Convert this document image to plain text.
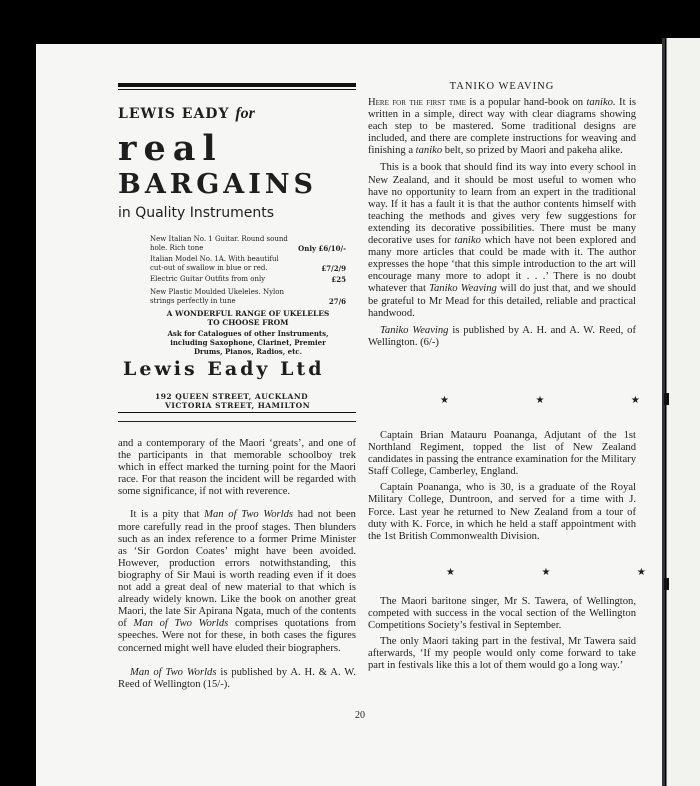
LEWIS EADY for
real
BARGAINS
in Quality Instruments
New Italian No. 1 Guitar. Round sound
hole. Rich tone	Only £6/10/-
Italian Model No. 1A. With beautiful
cut-out of swallow in blue or red.	£7/2/9
Electric Guitar Outfits from only	£25
New Plastic Moulded Ukeleles. Nylon
strings perfectly in tune	27/6
A WONDERFUL RANGE OF UKELELES
TO CHOOSE FROM
Ask for Catalogues of other Instruments,
including Saxophone, Clarinet, Premier
Drums, Pianos, Radios, etc.
Lewis Eady Ltd
192 QUEEN STREET, AUCKLAND
VICTORIA STREET, HAMILTON
TANIKO WEAVING

Here for the first time is a popular hand-book on taniko. It is written in a simple, direct way with clear diagrams showing each step to be mastered. Some traditional designs are included, and there are complete instructions for weaving and finishing a taniko belt, so prized by Maori and pakeha alike.

This is a book that should find its way into every school in New Zealand, and it should be most useful to women who have no opportunity to learn from an expert in the traditional way. If it has a fault it is that the author contents himself with teaching the methods and gives very few suggestions for extending its decorative possibilities. There must be many decorative uses for taniko which have not been explored and many more articles that could be made with it. The author expresses the hope ‘that this simple introduction to the art will encourage many more to adopt it . . .’ There is no doubt whatever that Taniko Weaving will do just that, and we should be grateful to Mr Mead for this detailed, reliable and practical handwood.

Taniko Weaving is published by A. H. and A. W. Reed, of Wellington. (6/-)

★ ★ ★

and a contemporary of the Maori ‘greats’, and one of the participants in that memorable schoolboy trek which in effect marked the turning point for the Maori race. For that reason the incident will be regarded with some significance, if not with reverence.

It is a pity that Man of Two Worlds had not been more carefully read in the proof stages. Then blunders such as an index reference to a former Prime Minister as ‘Sir Gordon Coates’ might have been avoided. However, production errors notwithstanding, this biography of Sir Maui is worth reading even if it does not add a great deal of new material to that which is already widely known. Like the book on another great Maori, the late Sir Apirana Ngata, much of the contents of Man of Two Worlds comprises quotations from speeches. Were not for these, in both cases the figures concerned might well have eluded their biographers.

Man of Two Worlds is published by A. H. & A. W. Reed of Wellington (15/-).

Captain Brian Matauru Poananga, Adjutant of the 1st Northland Regiment, topped the list of New Zealand candidates in passing the entrance examination for the Military Staff College, Camberley, England.

Captain Poananga, who is 30, is a graduate of the Royal Military College, Duntroon, and served for a time with J. Force. Last year he returned to New Zealand from a tour of duty with K. Force, in which he held a staff appointment with the 1st British Commonwealth Division.

★ ★ ★

The Maori baritone singer, Mr S. Tawera, of Wellington, competed with success in the vocal section of the Wellington Competitions Society’s festival in September.

The only Maori taking part in the festival, Mr Tawera said afterwards, ‘If my people would only come forward to take part in festivals like this a lot of them would go a long way.’

20
